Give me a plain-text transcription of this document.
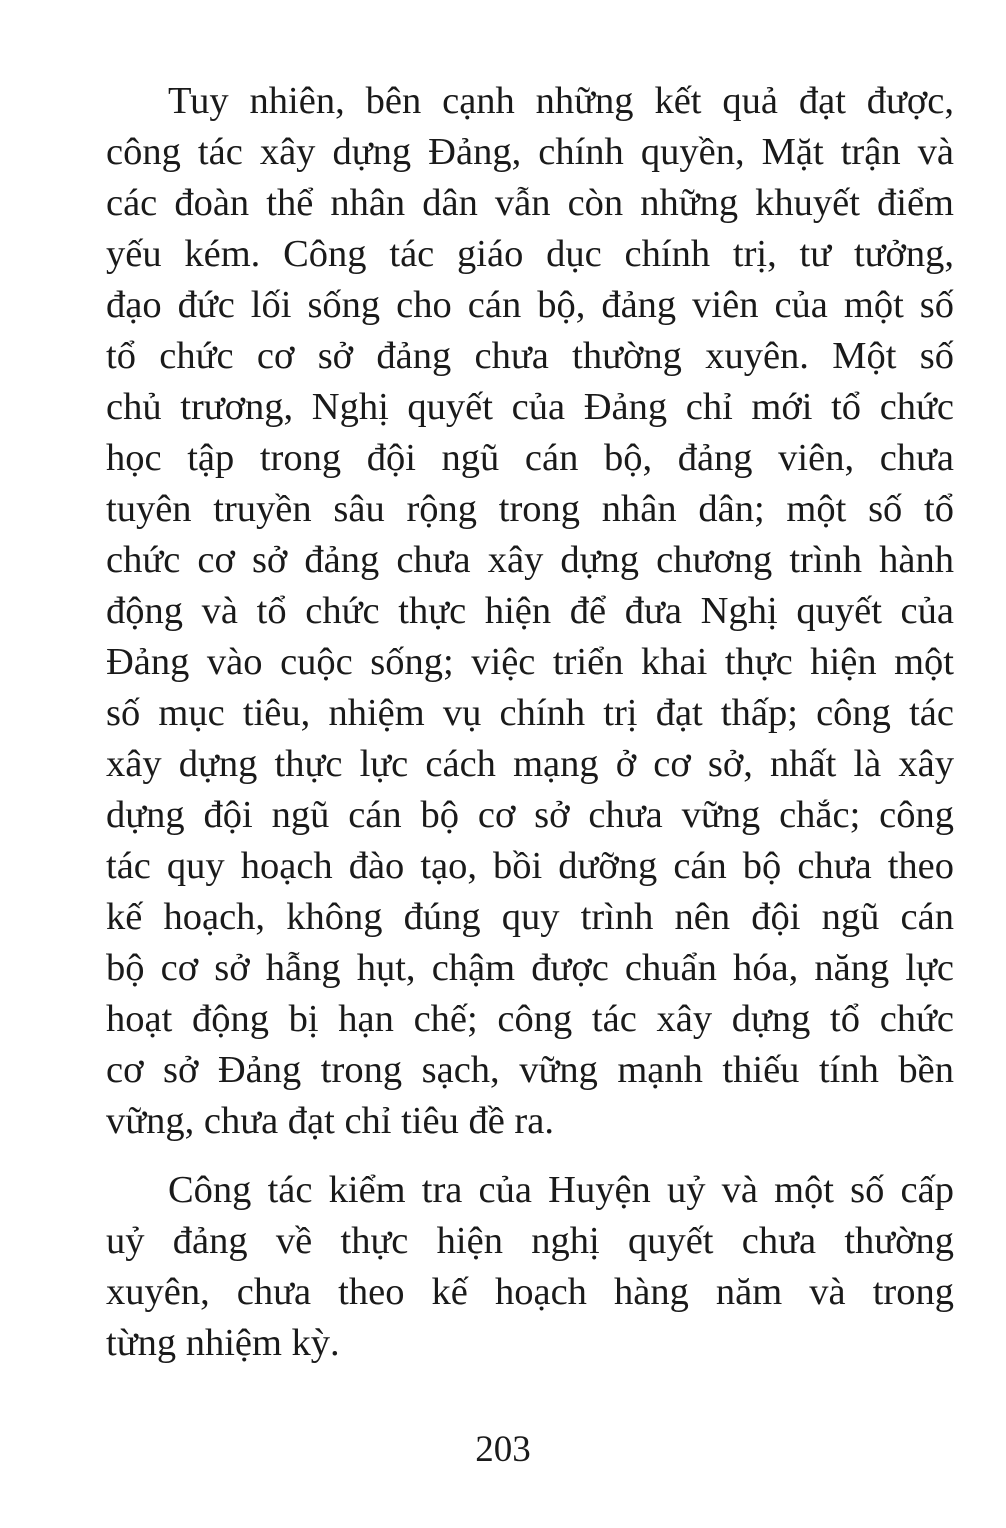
Tuy nhiên, bên cạnh những kết quả đạt được,
công tác xây dựng Đảng, chính quyền, Mặt trận và
các đoàn thể nhân dân vẫn còn những khuyết điểm
yếu kém. Công tác giáo dục chính trị, tư tưởng,
đạo đức lối sống cho cán bộ, đảng viên của một số
tổ chức cơ sở đảng chưa thường xuyên. Một số
chủ trương, Nghị quyết của Đảng chỉ mới tổ chức
học tập trong đội ngũ cán bộ, đảng viên, chưa
tuyên truyền sâu rộng trong nhân dân; một số tổ
chức cơ sở đảng chưa xây dựng chương trình hành
động và tổ chức thực hiện để đưa Nghị quyết của
Đảng vào cuộc sống; việc triển khai thực hiện một
số mục tiêu, nhiệm vụ chính trị đạt thấp; công tác
xây dựng thực lực cách mạng ở cơ sở, nhất là xây
dựng đội ngũ cán bộ cơ sở chưa vững chắc; công
tác quy hoạch đào tạo, bồi dưỡng cán bộ chưa theo
kế hoạch, không đúng quy trình nên đội ngũ cán
bộ cơ sở hẫng hụt, chậm được chuẩn hóa, năng lực
hoạt động bị hạn chế; công tác xây dựng tổ chức
cơ sở Đảng trong sạch, vững mạnh thiếu tính bền
vững, chưa đạt chỉ tiêu đề ra.
Công tác kiểm tra của Huyện uỷ và một số cấp
uỷ đảng về thực hiện nghị quyết chưa thường
xuyên, chưa theo kế hoạch hàng năm và trong
từng nhiệm kỳ.
203
